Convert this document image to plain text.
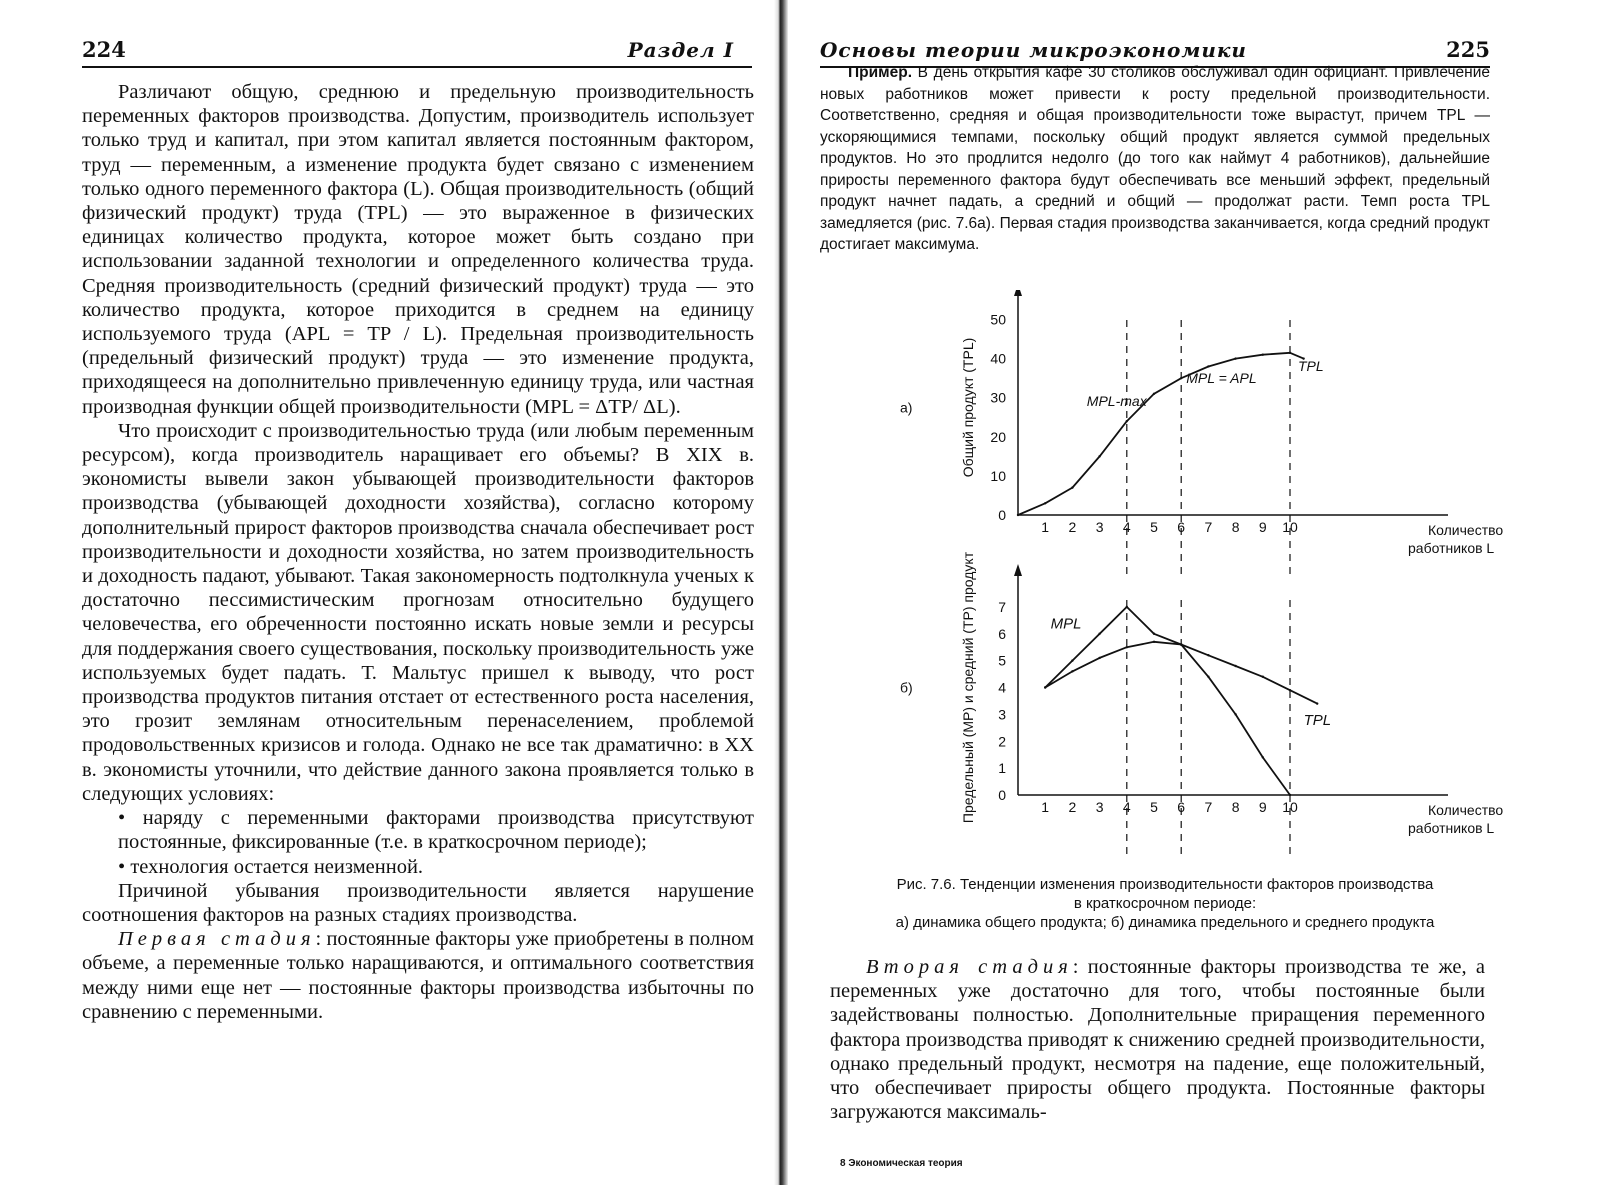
224	Раздел I

Различают общую, среднюю и предельную производительность переменных факторов производства. Допустим, производитель использует только труд и капитал, при этом капитал является постоянным фактором, труд — переменным, а изменение продукта будет связано с изменением только одного переменного фактора (L). Общая производительность (общий физический продукт) труда (TPL) — это выраженное в физических единицах количество продукта, которое может быть создано при использовании заданной технологии и определенного количества труда. Средняя производительность (средний физический продукт) труда — это количество продукта, которое приходится в среднем на единицу используемого труда (APL = TP / L). Предельная производительность (предельный физический продукт) труда — это изменение продукта, приходящееся на дополнительно привлеченную единицу труда, или частная производная функции общей производительности (MPL = ΔTP/ ΔL).

Что происходит с производительностью труда (или любым переменным ресурсом), когда производитель наращивает его объемы? В XIX в. экономисты вывели закон убывающей производительности факторов производства (убывающей доходности хозяйства), согласно которому дополнительный прирост факторов производства сначала обеспечивает рост производительности и доходности хозяйства, но затем производительность и доходность падают, убывают. Такая закономерность подтолкнула ученых к достаточно пессимистическим прогнозам относительно будущего человечества, его обреченности постоянно искать новые земли и ресурсы для поддержания своего существования, поскольку производительность уже используемых будет падать. Т. Мальтус пришел к выводу, что рост производства продуктов питания отстает от естественного роста населения, это грозит землянам относительным перенаселением, проблемой продовольственных кризисов и голода. Однако не все так драматично: в XX в. экономисты уточнили, что действие данного закона проявляется только в следующих условиях:

• наряду с переменными факторами производства присутствуют постоянные, фиксированные (т.е. в краткосрочном периоде);

• технология остается неизменной.

Причиной убывания производительности является нарушение соотношения факторов на разных стадиях производства.

Первая стадия: постоянные факторы уже приобретены в полном объеме, а переменные только наращиваются, и оптимального соответствия между ними еще нет — постоянные факторы производства избыточны по сравнению с переменными.

Основы теории микроэкономики	225

Пример. В день открытия кафе 30 столиков обслуживал один официант. Привлечение новых работников может привести к росту предельной производительности. Соответственно, средняя и общая производительности тоже вырастут, причем TPL — ускоряющимися темпами, поскольку общий продукт является суммой предельных продуктов. Но это продлится недолго (до того как наймут 4 работников), дальнейшие приросты переменного фактора будут обеспечивать все меньший эффект, предельный продукт начнет падать, а средний и общий — продолжат расти. Темп роста TPL замедляется (рис. 7.6а). Первая стадия производства заканчивается, когда средний продукт достигает максимума.

1 2 3 4 5 6 7 8 9 10
0
10
20
30
40
50
а)	Общий продукт (TPL)
Количество
работников L
MPL-max
MPL = APL
TPL
1 2 3 4 5 6 7 8 9 10
0
1
2
3
4
5
6
7
б)	Предельный (MP) и средний (TP) продукт	Количество
работников L
MPL
TPL
Рис. 7.6. Тенденции изменения производительности факторов производства
в краткосрочном периоде:
а) динамика общего продукта; б) динамика предельного и среднего продукта

Вторая стадия: постоянные факторы производства те же, а переменных уже достаточно для того, чтобы постоянные были задействованы полностью. Дополнительные приращения переменного фактора производства приводят к снижению средней производительности, однако предельный продукт, несмотря на падение, еще положительный, что обеспечивает приросты общего продукта. Постоянные факторы загружаются максималь-

8 Экономическая теория
